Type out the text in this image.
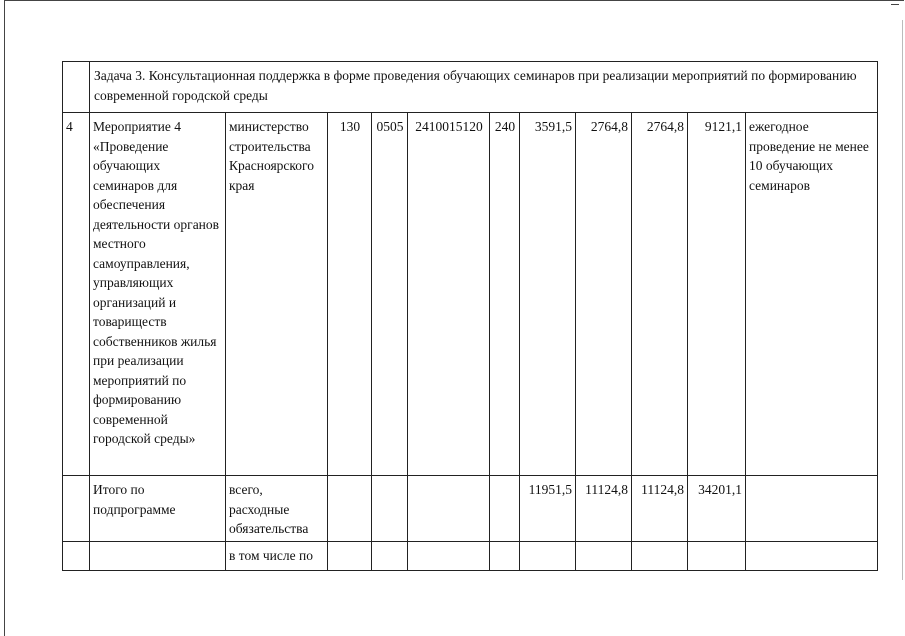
	Задача 3. Консультационная поддержка в форме проведения обучающих семинаров при реализации мероприятий по формированию современной городской среды										
4	Мероприятие 4 «Проведение обучающих семинаров для обеспечения деятельности органов местного самоуправления, управляющих организаций и товариществ собственников жилья при реализации мероприятий по формированию современной городской среды»	министерство строительства Красноярского края	130	0505	2410015120	240	3591,5	2764,8	2764,8	9121,1	ежегодное проведение не менее 10 обучающих семинаров
	Итого по подпрограмме	всего, расходные обязательства					11951,5	11124,8	11124,8	34201,1	
		в том числе по									
